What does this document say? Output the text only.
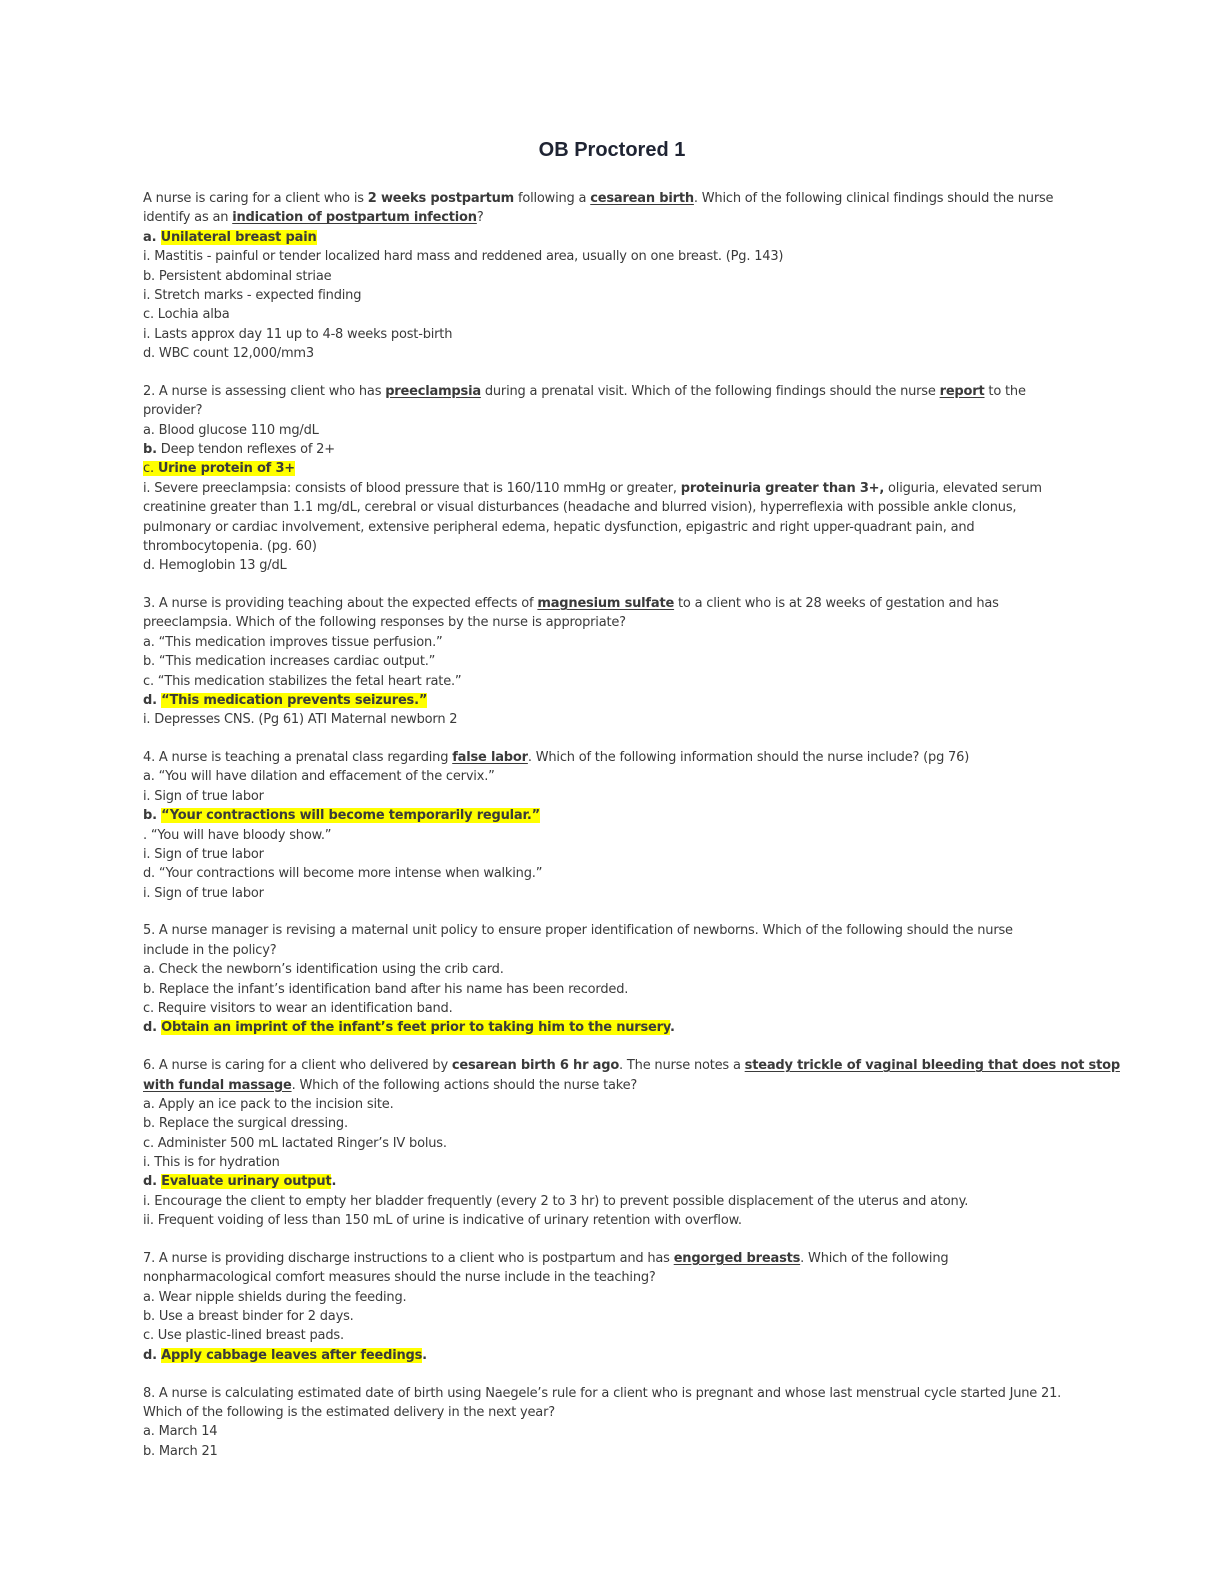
OB Proctored 1
A nurse is caring for a client who is 2 weeks postpartum following a cesarean birth. Which of the following clinical findings should the nurse
identify as an indication of postpartum infection?
a. Unilateral breast pain
i. Mastitis - painful or tender localized hard mass and reddened area, usually on one breast. (Pg. 143)
b. Persistent abdominal striae
i. Stretch marks - expected finding
c. Lochia alba
i. Lasts approx day 11 up to 4-8 weeks post-birth
d. WBC count 12,000/mm3
2. A nurse is assessing client who has preeclampsia during a prenatal visit. Which of the following findings should the nurse report to the
provider?
a. Blood glucose 110 mg/dL
b. Deep tendon reflexes of 2+
c. Urine protein of 3+
i. Severe preeclampsia: consists of blood pressure that is 160/110 mmHg or greater, proteinuria greater than 3+, oliguria, elevated serum
creatinine greater than 1.1 mg/dL, cerebral or visual disturbances (headache and blurred vision), hyperreflexia with possible ankle clonus,
pulmonary or cardiac involvement, extensive peripheral edema, hepatic dysfunction, epigastric and right upper-quadrant pain, and
thrombocytopenia. (pg. 60)
d. Hemoglobin 13 g/dL
3. A nurse is providing teaching about the expected effects of magnesium sulfate to a client who is at 28 weeks of gestation and has
preeclampsia. Which of the following responses by the nurse is appropriate?
a. “This medication improves tissue perfusion.”
b. “This medication increases cardiac output.”
c. “This medication stabilizes the fetal heart rate.”
d. “This medication prevents seizures.”
i. Depresses CNS. (Pg 61) ATI Maternal newborn 2
4. A nurse is teaching a prenatal class regarding false labor. Which of the following information should the nurse include? (pg 76)
a. “You will have dilation and effacement of the cervix.”
i. Sign of true labor
b. “Your contractions will become temporarily regular.”
. “You will have bloody show.”
i. Sign of true labor
d. “Your contractions will become more intense when walking.”
i. Sign of true labor
5. A nurse manager is revising a maternal unit policy to ensure proper identification of newborns. Which of the following should the nurse
include in the policy?
a. Check the newborn’s identification using the crib card.
b. Replace the infant’s identification band after his name has been recorded.
c. Require visitors to wear an identification band.
d. Obtain an imprint of the infant’s feet prior to taking him to the nursery.
6. A nurse is caring for a client who delivered by cesarean birth 6 hr ago. The nurse notes a steady trickle of vaginal bleeding that does not stop
with fundal massage. Which of the following actions should the nurse take?
a. Apply an ice pack to the incision site.
b. Replace the surgical dressing.
c. Administer 500 mL lactated Ringer’s IV bolus.
i. This is for hydration
d. Evaluate urinary output.
i. Encourage the client to empty her bladder frequently (every 2 to 3 hr) to prevent possible displacement of the uterus and atony.
ii. Frequent voiding of less than 150 mL of urine is indicative of urinary retention with overflow.
7. A nurse is providing discharge instructions to a client who is postpartum and has engorged breasts. Which of the following
nonpharmacological comfort measures should the nurse include in the teaching?
a. Wear nipple shields during the feeding.
b. Use a breast binder for 2 days.
c. Use plastic-lined breast pads.
d. Apply cabbage leaves after feedings.
8. A nurse is calculating estimated date of birth using Naegele’s rule for a client who is pregnant and whose last menstrual cycle started June 21.
Which of the following is the estimated delivery in the next year?
a. March 14
b. March 21
